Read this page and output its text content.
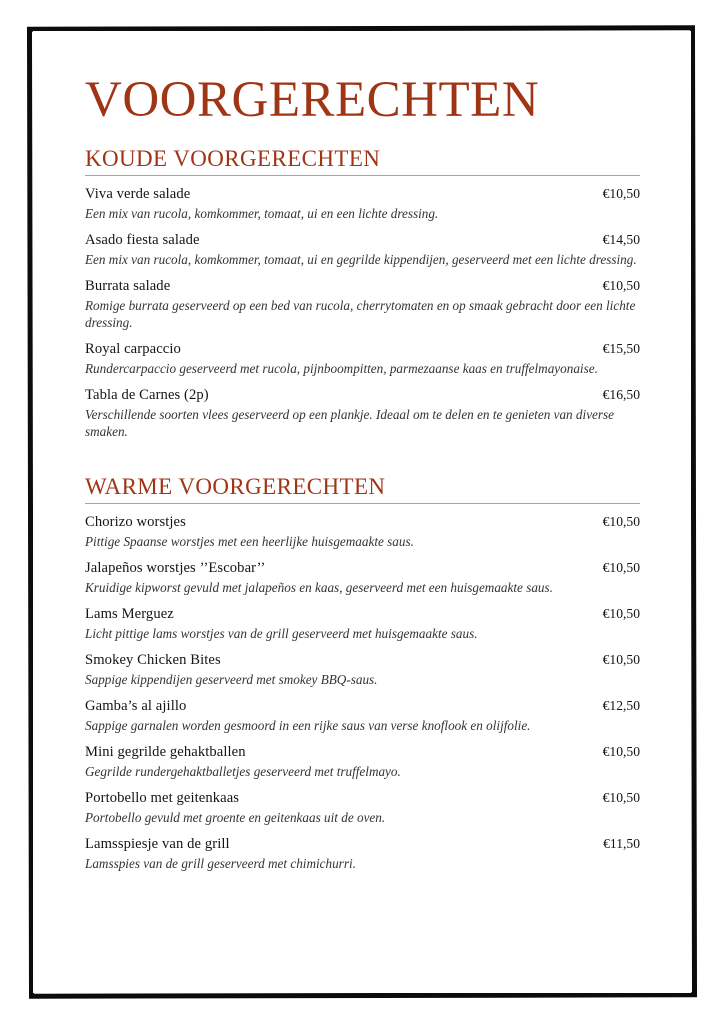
VOORGERECHTEN
KOUDE VOORGERECHTEN
Viva verde salade	€10,50
Een mix van rucola, komkommer, tomaat, ui en een lichte dressing.
Asado fiesta salade	€14,50
Een mix van rucola, komkommer, tomaat, ui en gegrilde kippendijen, geserveerd met een lichte dressing.
Burrata salade	€10,50
Romige burrata geserveerd op een bed van rucola, cherrytomaten en op smaak gebracht door een lichte dressing.
Royal carpaccio	€15,50
Rundercarpaccio geserveerd met rucola, pijnboompitten, parmezaanse kaas en truffelmayonaise.
Tabla de Carnes (2p)	€16,50
Verschillende soorten vlees geserveerd op een plankje. Ideaal om te delen en te genieten van diverse smaken.
WARME VOORGERECHTEN
Chorizo worstjes	€10,50
Pittige Spaanse worstjes met een heerlijke huisgemaakte saus.
Jalapeños worstjes ’’Escobar’’	€10,50
Kruidige kipworst gevuld met jalapeños en kaas, geserveerd met een huisgemaakte saus.
Lams Merguez	€10,50
Licht pittige lams worstjes van de grill geserveerd met huisgemaakte saus.
Smokey Chicken Bites	€10,50
Sappige kippendijen geserveerd met smokey BBQ-saus.
Gamba’s al ajillo	€12,50
Sappige garnalen worden gesmoord in een rijke saus van verse knoflook en olijfolie.
Mini gegrilde gehaktballen	€10,50
Gegrilde rundergehaktballetjes geserveerd met truffelmayo.
Portobello met geitenkaas	€10,50
Portobello gevuld met groente en geitenkaas uit de oven.
Lamsspiesje van de grill	€11,50
Lamsspies van de grill geserveerd met chimichurri.
